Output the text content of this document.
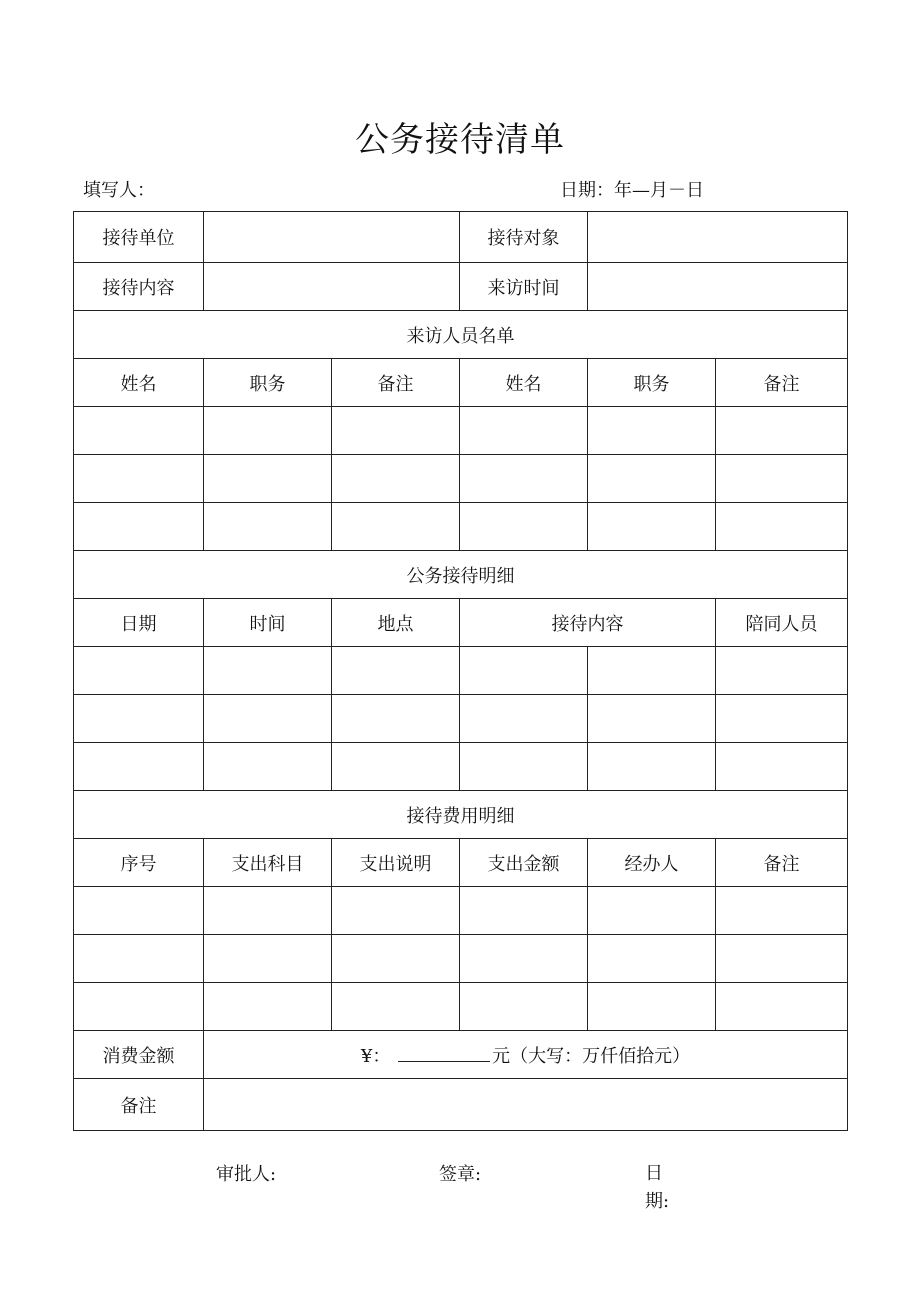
公务接待清单
填写人：	日期：年—月－日
接待单位			接待对象		
接待内容			来访时间		
来访人员名单					
姓名	职务	备注	姓名	职务	备注

公务接待明细					
日期	时间	地点	接待内容		陪同人员

接待费用明细					
序号	支出科目	支出说明	支出金额	经办人	备注

消费金额	¥： 元（大写：万仟佰拾元）				
备注					
审批人:	签章:	日期:
